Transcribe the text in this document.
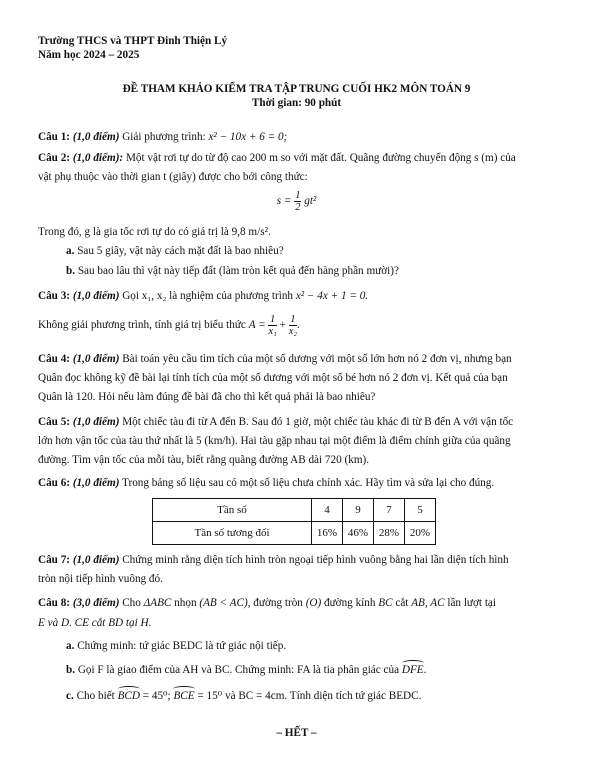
Trường THCS và THPT Đinh Thiện Lý
Năm học 2024 – 2025
ĐỀ THAM KHẢO KIỂM TRA TẬP TRUNG CUỐI HK2 MÔN TOÁN 9
Thời gian: 90 phút
Câu 1: (1,0 điểm) Giải phương trình: x² − 10x + 6 = 0;
Câu 2: (1,0 điểm): Một vật rơi tự do từ độ cao 200 m so với mặt đất. Quãng đường chuyển động s (m) của
vật phụ thuộc vào thời gian t (giây) được cho bởi công thức:
$s = \frac{1}{2} gt^2$
Trong đó, g là gia tốc rơi tự do có giá trị là 9,8 m/s².
a. Sau 5 giây, vật này cách mặt đất là bao nhiêu?
b. Sau bao lâu thì vật này tiếp đất (làm tròn kết quả đến hàng phần mười)?
Câu 3: (1,0 điểm) Gọi x₁, x₂ là nghiệm của phương trình x² − 4x + 1 = 0.
Không giải phương trình, tính giá trị biểu thức $A = \frac{1}{\text{x₁}} + \frac{1}{\text{x₂}}$ .
Câu 4: (1,0 điểm) Bài toán yêu cầu tìm tích của một số dương với một số lớn hơn nó 2 đơn vị, nhưng bạn
Quân đọc không kỹ đề bài lại tính tích của một số dương với một số bé hơn nó 2 đơn vị. Kết quả của bạn
Quân là 120. Hỏi nếu làm đúng đề bài đã cho thì kết quả phải là bao nhiêu?
Câu 5: (1,0 điểm) Một chiếc tàu đi từ A đến B. Sau đó 1 giờ, một chiếc tàu khác đi từ B đến A với vận tốc
lớn hơn vận tốc của tàu thứ nhất là 5 (km/h). Hai tàu gặp nhau tại một điểm là điểm chính giữa của quãng
đường. Tìm vận tốc của mỗi tàu, biết rằng quãng đường AB dài 720 (km).
Câu 6: (1,0 điểm) Trong bảng số liệu sau có một số liệu chưa chính xác. Hãy tìm và sửa lại cho đúng.
Tần số	4	9	7	5
Tần số tương đối	16%	46%	28%	20%
Câu 7: (1,0 điểm) Chứng minh rằng diện tích hình tròn ngoại tiếp hình vuông bằng hai lần diện tích hình
tròn nội tiếp hình vuông đó.
Câu 8: (3,0 điểm) Cho ΔABC nhọn (AB < AC), đường tròn (O) đường kính BC cắt AB, AC lần lượt tại
E và D. CE cắt BD tại H.
a. Chứng minh: tứ giác BEDC là tứ giác nội tiếp.
b. Gọi F là giao điểm của AH và BC. Chứng minh: FA là tia phân giác của DFE.
c. Cho biết BCD = 45⁰; BCE = 15⁰ và BC = 4cm. Tính diện tích tứ giác BEDC.
– HẾT –
